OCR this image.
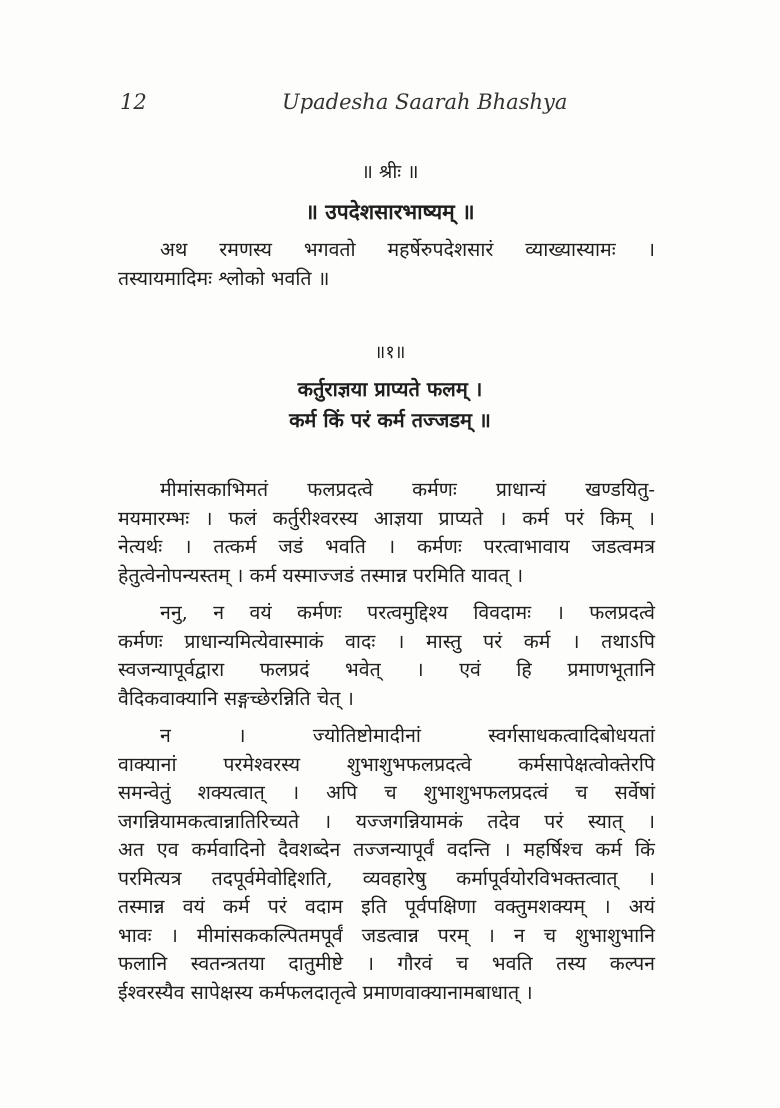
12	Upadesha Saarah Bhashya
॥ श्रीः ॥
॥ उपदेशसारभाष्यम् ॥
अथ रमणस्य भगवतो महर्षेरुपदेशसारं व्याख्यास्यामः ।
तस्यायमादिमः श्लोको भवति ॥
॥१॥
कर्तुराज्ञया प्राप्यते फलम् ।
कर्म किं परं कर्म तज्जडम् ॥
मीमांसकाभिमतं फलप्रदत्वे कर्मणः प्राधान्यं खण्डयितु-
मयमारम्भः । फलं कर्तुरीश्वरस्य आज्ञया प्राप्यते । कर्म परं किम् ।
नेत्यर्थः । तत्कर्म जडं भवति । कर्मणः परत्वाभावाय जडत्वमत्र
हेतुत्वेनोपन्यस्तम् । कर्म यस्माज्जडं तस्मान्न परमिति यावत् ।
ननु, न वयं कर्मणः परत्वमुद्दिश्य विवदामः । फलप्रदत्वे
कर्मणः प्राधान्यमित्येवास्माकं वादः । मास्तु परं कर्म । तथाऽपि
स्वजन्यापूर्वद्वारा फलप्रदं भवेत् । एवं हि प्रमाणभूतानि
वैदिकवाक्यानि सङ्गच्छेरन्निति चेत् ।
न । ज्योतिष्टोमादीनां स्वर्गसाधकत्वादिबोधयतां
वाक्यानां परमेश्वरस्य शुभाशुभफलप्रदत्वे कर्मसापेक्षत्वोक्तेरपि
समन्वेतुं शक्यत्वात् । अपि च शुभाशुभफलप्रदत्वं च सर्वेषां
जगन्नियामकत्वान्नातिरिच्यते । यज्जगन्नियामकं तदेव परं स्यात् ।
अत एव कर्मवादिनो दैवशब्देन तज्जन्यापूर्वं वदन्ति । महर्षिश्च कर्म किं
परमित्यत्र तदपूर्वमेवोद्दिशति, व्यवहारेषु कर्मापूर्वयोरविभक्तत्वात् ।
तस्मान्न वयं कर्म परं वदाम इति पूर्वपक्षिणा वक्तुमशक्यम् । अयं
भावः । मीमांसककल्पितमपूर्वं जडत्वान्न परम् । न च शुभाशुभानि
फलानि स्वतन्त्रतया दातुमीष्टे । गौरवं च भवति तस्य कल्पन
ईश्वरस्यैव सापेक्षस्य कर्मफलदातृत्वे प्रमाणवाक्यानामबाधात् ।
